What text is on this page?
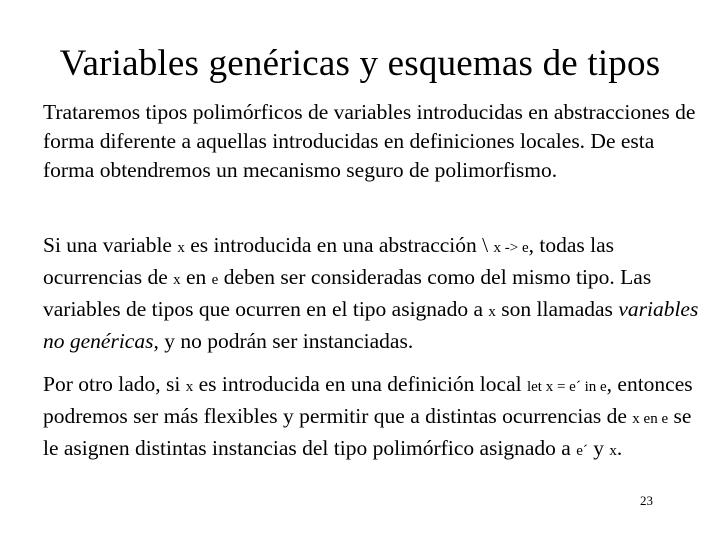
Variables genéricas y esquemas de tipos

Trataremos tipos polimórficos de variables introducidas en abstracciones de forma diferente a aquellas introducidas en definiciones locales. De esta forma obtendremos un mecanismo seguro de polimorfismo.

Si una variable x es introducida en una abstracción \ x -> e, todas las ocurrencias de x en e deben ser consideradas como del mismo tipo. Las variables de tipos que ocurren en el tipo asignado a x son llamadas variables no genéricas, y no podrán ser instanciadas.

Por otro lado, si x es introducida en una definición local let x = e´ in e, entonces podremos ser más flexibles y permitir que a distintas ocurrencias de x en e se le asignen distintas instancias del tipo polimórfico asignado a e´ y x.

23
